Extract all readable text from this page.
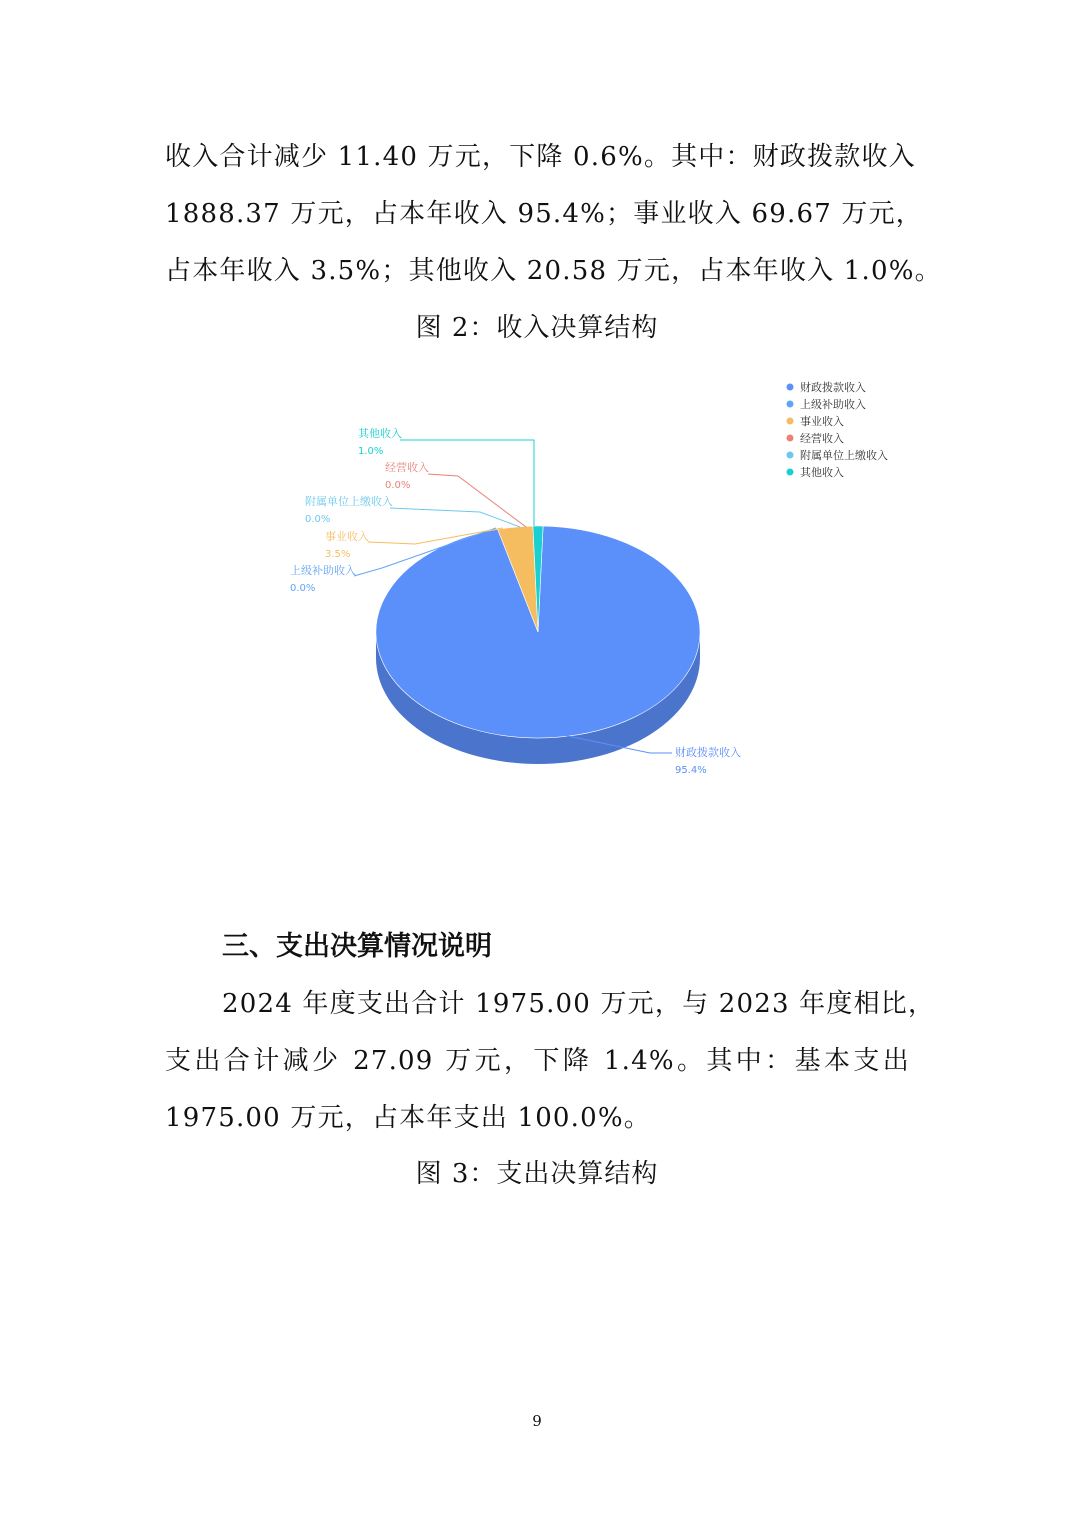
收入合计减少 11.40 万元，下降 0.6%。其中：财政拨款收入
1888.37 万元，占本年收入 95.4%；事业收入 69.67 万元，
占本年收入 3.5%；其他收入 20.58 万元，占本年收入 1.0%。
图 2：收入决算结构
财政拨款收入
上级补助收入
事业收入
经营收入
附属单位上缴收入
其他收入
财政拨款收入
95.4%
上级补助收入
0.0%
事业收入
3.5%
经营收入
0.0%
附属单位上缴收入
0.0%
其他收入
1.0%
三、支出决算情况说明
2024 年度支出合计 1975.00 万元，与 2023 年度相比，
支出合计减少 27.09 万元，下降 1.4%。其中：基本支出
1975.00 万元，占本年支出 100.0%。
图 3：支出决算结构
9
